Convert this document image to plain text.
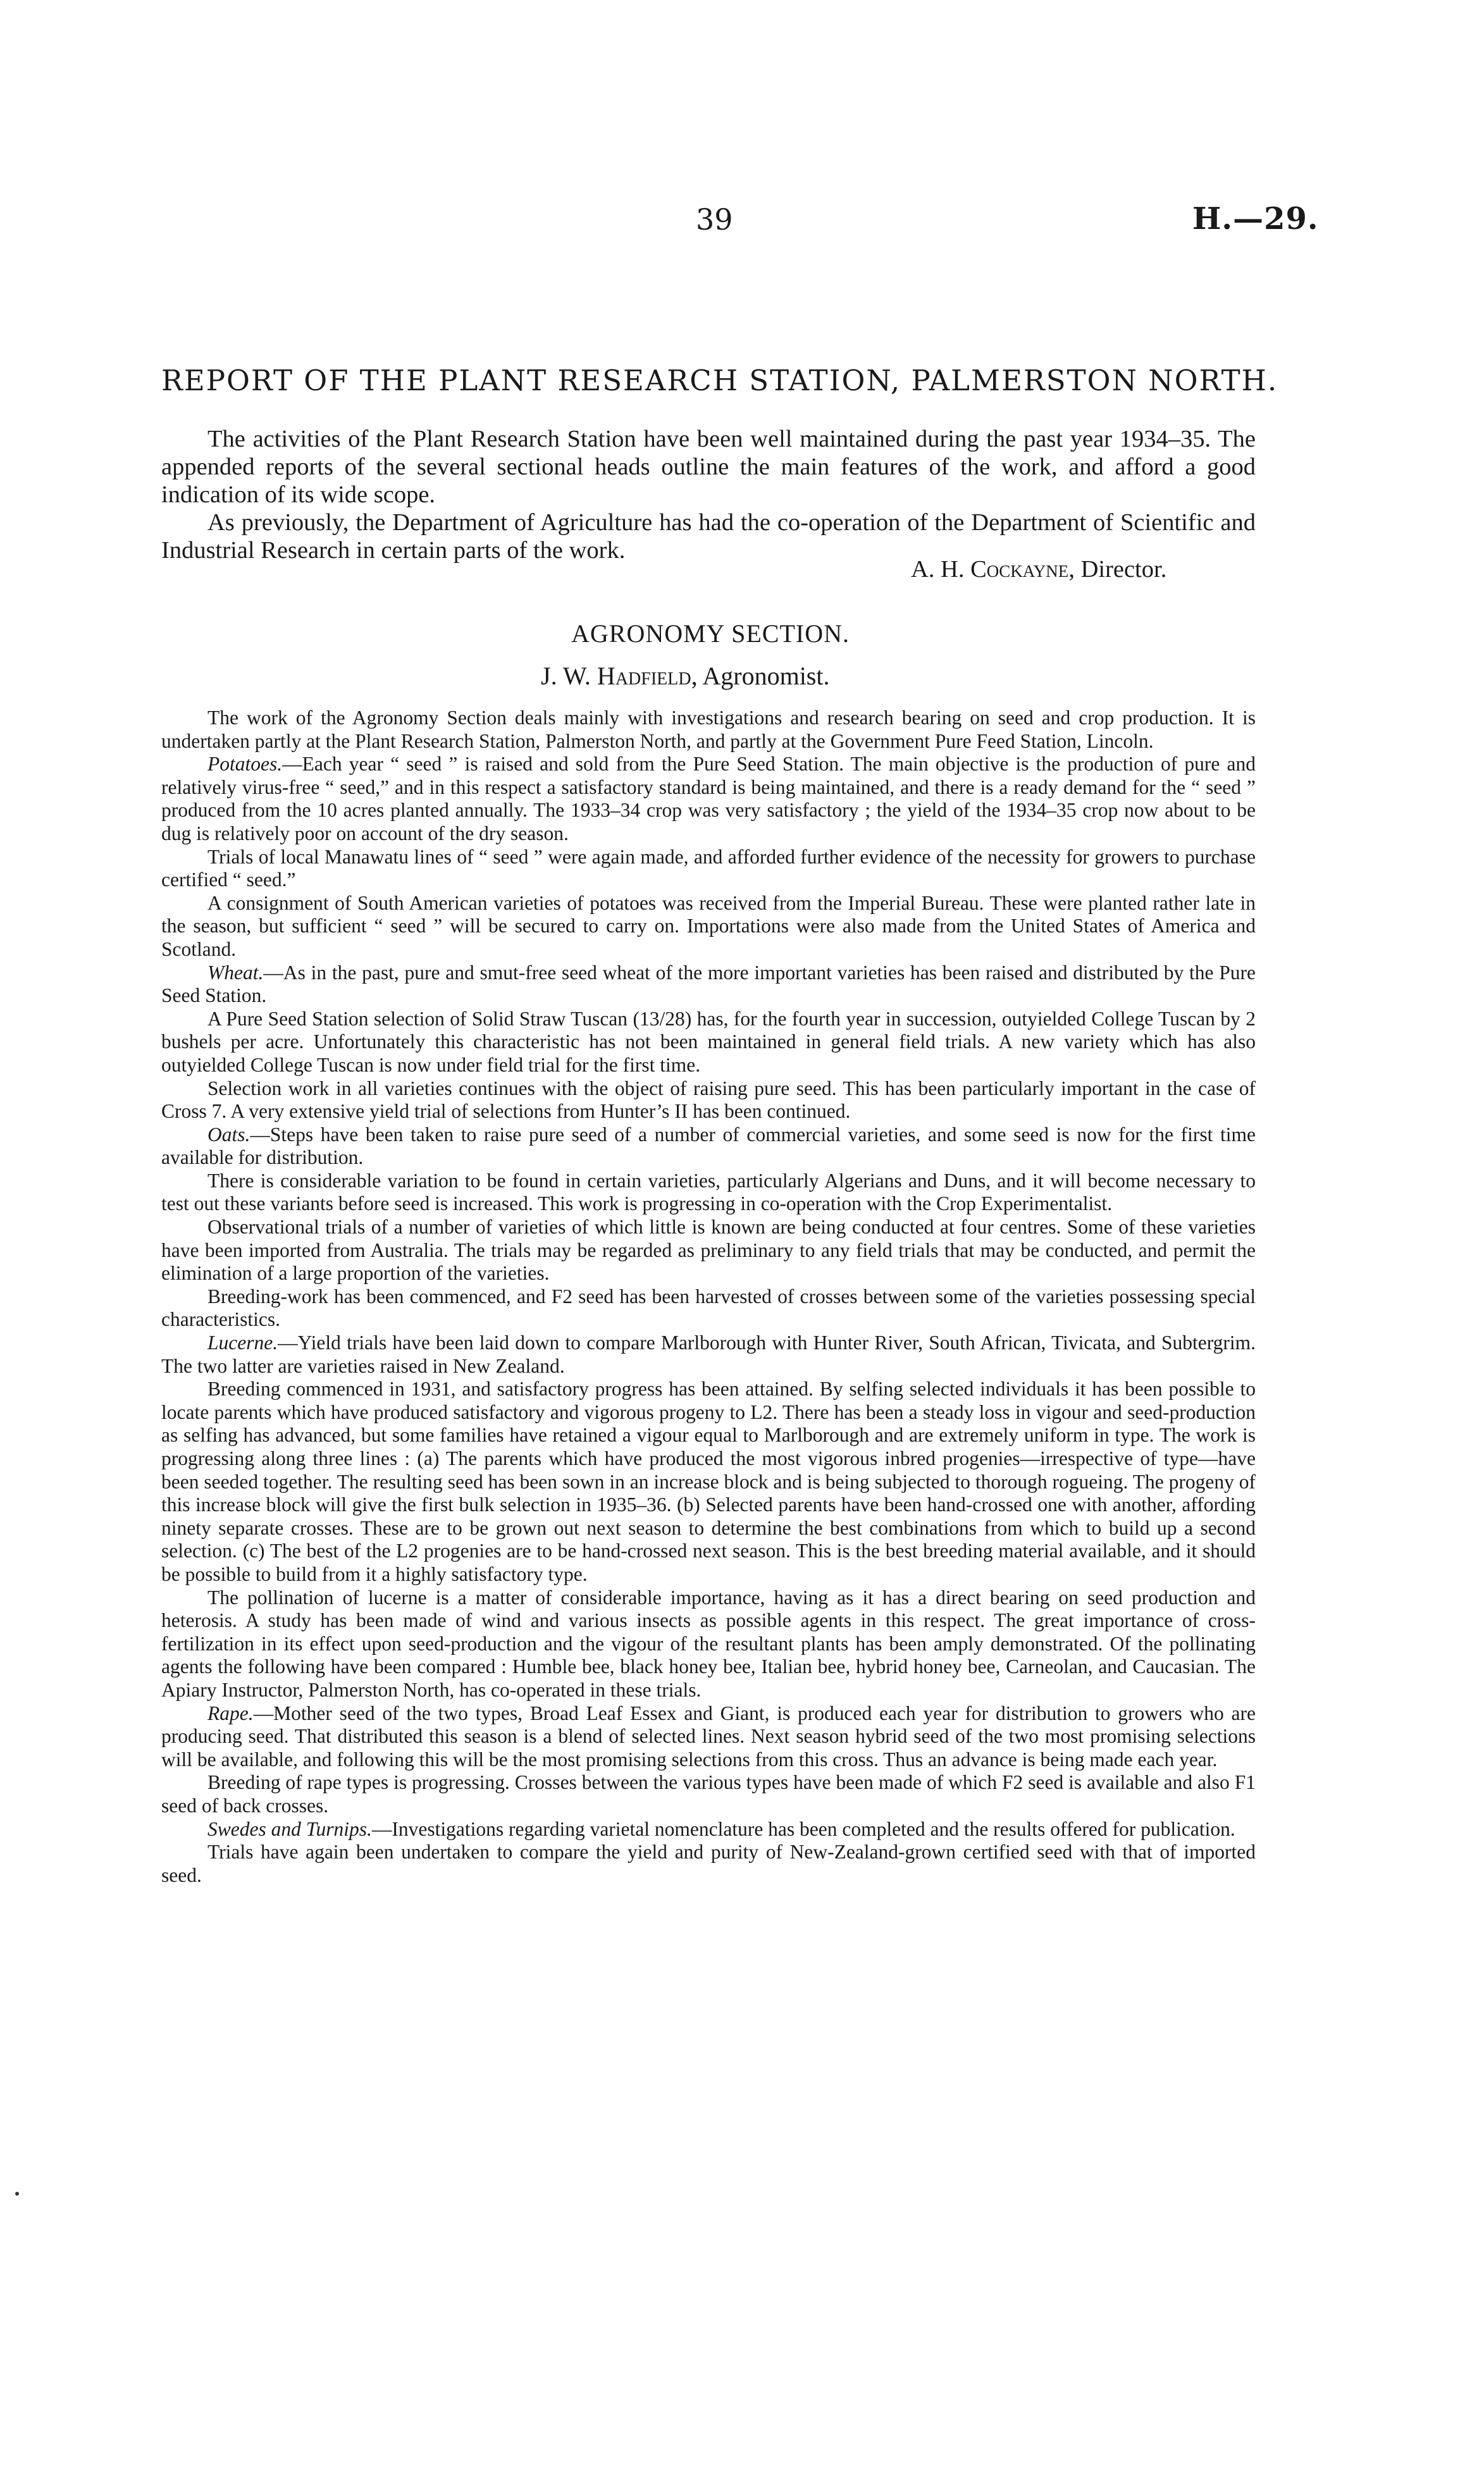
39	H.—29.
REPORT OF THE PLANT RESEARCH STATION, PALMERSTON NORTH.

The activities of the Plant Research Station have been well maintained during the past year 1934–35. The appended reports of the several sectional heads outline the main features of the work, and afford a good indication of its wide scope.

As previously, the Department of Agriculture has had the co-operation of the Department of Scientific and Industrial Research in certain parts of the work.

A. H. Cockayne, Director.
AGRONOMY SECTION.
J. W. Hadfield, Agronomist.

The work of the Agronomy Section deals mainly with investigations and research bearing on seed and crop production. It is undertaken partly at the Plant Research Station, Palmerston North, and partly at the Government Pure Feed Station, Lincoln.

Potatoes.—Each year “ seed ” is raised and sold from the Pure Seed Station. The main objective is the production of pure and relatively virus-free “ seed,” and in this respect a satisfactory standard is being maintained, and there is a ready demand for the “ seed ” produced from the 10 acres planted annually. The 1933–34 crop was very satisfactory ; the yield of the 1934–35 crop now about to be dug is relatively poor on account of the dry season.

Trials of local Manawatu lines of “ seed ” were again made, and afforded further evidence of the necessity for growers to purchase certified “ seed.”

A consignment of South American varieties of potatoes was received from the Imperial Bureau. These were planted rather late in the season, but sufficient “ seed ” will be secured to carry on. Importations were also made from the United States of America and Scotland.

Wheat.—As in the past, pure and smut-free seed wheat of the more important varieties has been raised and distributed by the Pure Seed Station.

A Pure Seed Station selection of Solid Straw Tuscan (13/28) has, for the fourth year in succession, outyielded College Tuscan by 2 bushels per acre. Unfortunately this characteristic has not been maintained in general field trials. A new variety which has also outyielded College Tuscan is now under field trial for the first time.

Selection work in all varieties continues with the object of raising pure seed. This has been particularly important in the case of Cross 7. A very extensive yield trial of selections from Hunter’s II has been continued.

Oats.—Steps have been taken to raise pure seed of a number of commercial varieties, and some seed is now for the first time available for distribution.

There is considerable variation to be found in certain varieties, particularly Algerians and Duns, and it will become necessary to test out these variants before seed is increased. This work is progressing in co-operation with the Crop Experimentalist.

Observational trials of a number of varieties of which little is known are being conducted at four centres. Some of these varieties have been imported from Australia. The trials may be regarded as preliminary to any field trials that may be conducted, and permit the elimination of a large proportion of the varieties.

Breeding-work has been commenced, and F2 seed has been harvested of crosses between some of the varieties possessing special characteristics.

Lucerne.—Yield trials have been laid down to compare Marlborough with Hunter River, South African, Tivicata, and Subtergrim. The two latter are varieties raised in New Zealand.

Breeding commenced in 1931, and satisfactory progress has been attained. By selfing selected individuals it has been possible to locate parents which have produced satisfactory and vigorous progeny to L2. There has been a steady loss in vigour and seed-production as selfing has advanced, but some families have retained a vigour equal to Marlborough and are extremely uniform in type. The work is progressing along three lines : (a) The parents which have produced the most vigorous inbred progenies—irrespective of type—have been seeded together. The resulting seed has been sown in an increase block and is being subjected to thorough rogueing. The progeny of this increase block will give the first bulk selection in 1935–36. (b) Selected parents have been hand-crossed one with another, affording ninety separate crosses. These are to be grown out next season to determine the best combinations from which to build up a second selection. (c) The best of the L2 progenies are to be hand-crossed next season. This is the best breeding material available, and it should be possible to build from it a highly satisfactory type.

The pollination of lucerne is a matter of considerable importance, having as it has a direct bearing on seed production and heterosis. A study has been made of wind and various insects as possible agents in this respect. The great importance of cross-fertilization in its effect upon seed-production and the vigour of the resultant plants has been amply demonstrated. Of the pollinating agents the following have been compared : Humble bee, black honey bee, Italian bee, hybrid honey bee, Carneolan, and Caucasian. The Apiary Instructor, Palmerston North, has co-operated in these trials.

Rape.—Mother seed of the two types, Broad Leaf Essex and Giant, is produced each year for distribution to growers who are producing seed. That distributed this season is a blend of selected lines. Next season hybrid seed of the two most promising selections will be available, and following this will be the most promising selections from this cross. Thus an advance is being made each year.

Breeding of rape types is progressing. Crosses between the various types have been made of which F2 seed is available and also F1 seed of back crosses.

Swedes and Turnips.—Investigations regarding varietal nomenclature has been completed and the results offered for publication.

Trials have again been undertaken to compare the yield and purity of New-Zealand-grown certified seed with that of imported seed.
